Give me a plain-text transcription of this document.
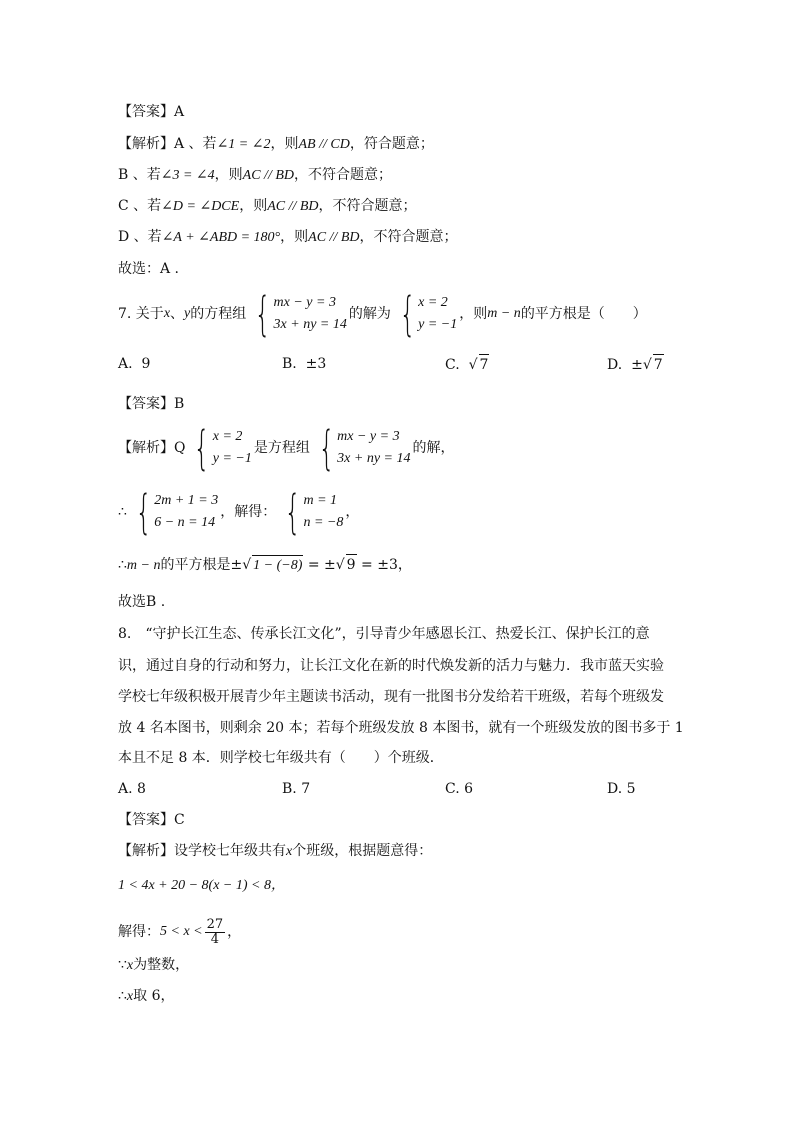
【答案】A
【解析】A 、若∠1 = ∠2，则AB // CD，符合题意；
B 、若∠3 = ∠4，则AC // BD，不符合题意；
C 、若∠D = ∠DCE，则AC // BD，不符合题意；
D 、若∠A + ∠ABD = 180°，则AC // BD，不符合题意；
故选：A .
7. 关于 x 、 y 的方程组 { mx − y = 3
3x + ny = 14
的解为 { x = 2
y = −1
，则 m − n 的平方根是（　　）
A. 9	B. ±3	C.  √ 7	D. ±√ 7
【答案】B
【解析】Q { x = 2
y = −1
是方程组 { mx − y = 3
3x + ny = 14
的解，
∴ { 2m + 1 = 3
6 − n = 14
，解得： { m = 1
n = −8
，
∴m − n的平方根是±√ 1 − (−8) = ±√ 9 = ±3，
故选B .
8.　“守护长江生态、传承长江文化”，引导青少年感恩长江、热爱长江、保护长江的意
识，通过自身的行动和努力，让长江文化在新的时代焕发新的活力与魅力．我市蓝天实验
学校七年级积极开展青少年主题读书活动，现有一批图书分发给若干班级，若每个班级发
放 4 名本图书，则剩余 20 本；若每个班级发放 8 本图书，就有一个班级发放的图书多于 1
本且不足 8 本．则学校七年级共有（　　）个班级．
A. 8	B. 7	C. 6	D. 5
【答案】C
【解析】设学校七年级共有x个班级，根据题意得：
1 < 4x + 20 − 8(x − 1) < 8，
解得： $5 < x < \frac{27}{4}$ ，
∵x为整数，
∴x取 6，
